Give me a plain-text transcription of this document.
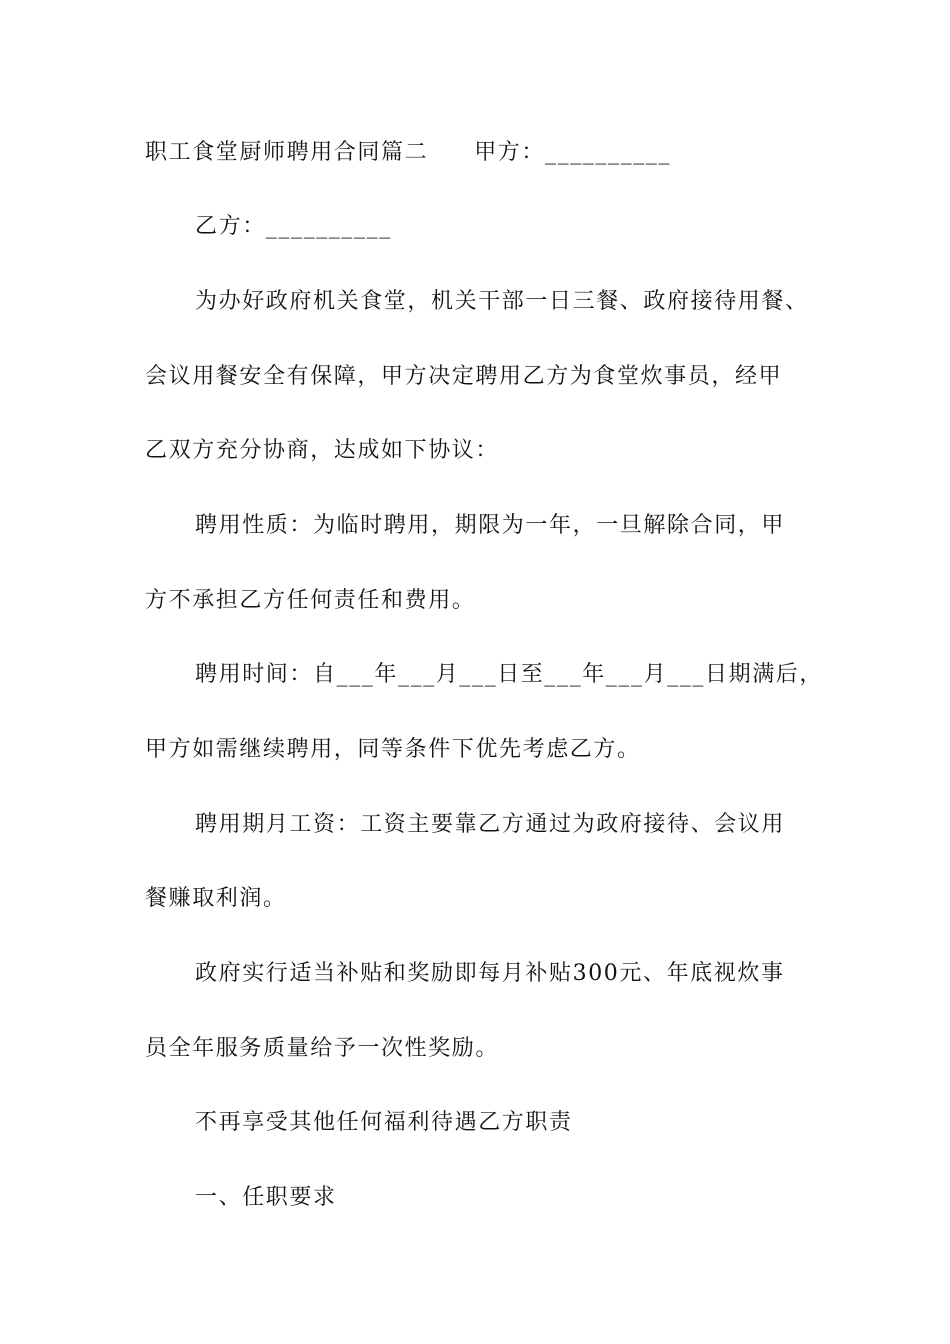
职工食堂厨师聘用合同篇二 甲方：__________
乙方：__________
为办好政府机关食堂，机关干部一日三餐、政府接待用餐、
会议用餐安全有保障，甲方决定聘用乙方为食堂炊事员，经甲
乙双方充分协商，达成如下协议：
聘用性质：为临时聘用，期限为一年，一旦解除合同，甲
方不承担乙方任何责任和费用。
聘用时间：自___年___月___日至___年___月___日期满后，
甲方如需继续聘用，同等条件下优先考虑乙方。
聘用期月工资：工资主要靠乙方通过为政府接待、会议用
餐赚取利润。
政府实行适当补贴和奖励即每月补贴300元、年底视炊事
员全年服务质量给予一次性奖励。
不再享受其他任何福利待遇乙方职责
一、任职要求
